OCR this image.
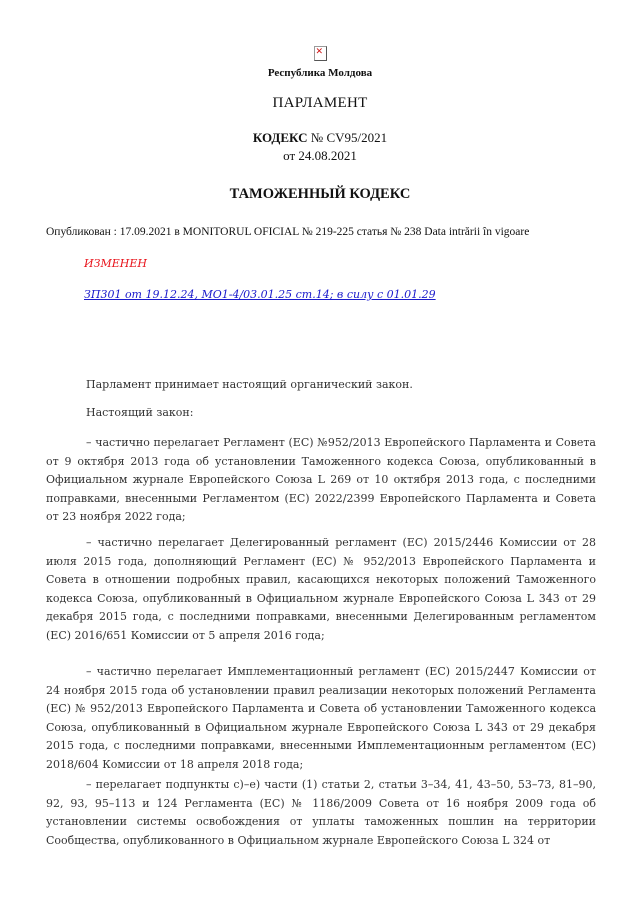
✕
Республика Молдова
ПАРЛАМЕНТ
КОДЕКС № CV95/2021
от 24.08.2021
ТАМОЖЕННЫЙ КОДЕКС
Опубликован : 17.09.2021 в MONITORUL OFICIAL № 219-225 статья № 238 Data intrării în vigoare
ИЗМЕНЕН
ЗП301 от 19.12.24, MO1-4/03.01.25 ст.14; в силу с 01.01.29
Парламент принимает настоящий органический закон.
Настоящий закон:

– частично перелагает Регламент (ЕС) №952/2013 Европейского Парламента и Совета от 9 октября 2013 года об установлении Таможенного кодекса Союза, опубликованный в Официальном журнале Европейского Союза L 269 от 10 октября 2013 года, с последними поправками, внесенными Регламентом (ЕС) 2022/2399 Европейского Парламента и Совета от 23 ноября 2022 года;

– частично перелагает Делегированный регламент (ЕС) 2015/2446 Комиссии от 28 июля 2015 года, дополняющий Регламент (ЕС) № 952/2013 Европейского Парламента и Совета в отношении подробных правил, касающихся некоторых положений Таможенного кодекса Союза, опубликованный в Официальном журнале Европейского Союза L 343 от 29 декабря 2015 года, с последними поправками, внесенными Делегированным регламентом (ЕС) 2016/651 Комиссии от 5 апреля 2016 года;

– частично перелагает Имплементационный регламент (ЕС) 2015/2447 Комиссии от 24 ноября 2015 года об установлении правил реализации некоторых положений Регламента (ЕС) № 952/2013 Европейского Парламента и Совета об установлении Таможенного кодекса Союза, опубликованный в Официальном журнале Европейского Союза L 343 от 29 декабря 2015 года, с последними поправками, внесенными Имплементационным регламентом (ЕС) 2018/604 Комиссии от 18 апреля 2018 года;

– перелагает подпункты c)–e) части (1) статьи 2, статьи 3–34, 41, 43–50, 53–73, 81–90, 92, 93, 95–113 и 124 Регламента (ЕС) № 1186/2009 Совета от 16 ноября 2009 года об установлении системы освобождения от уплаты таможенных пошлин на территории Сообщества, опубликованного в Официальном журнале Европейского Союза L 324 от
